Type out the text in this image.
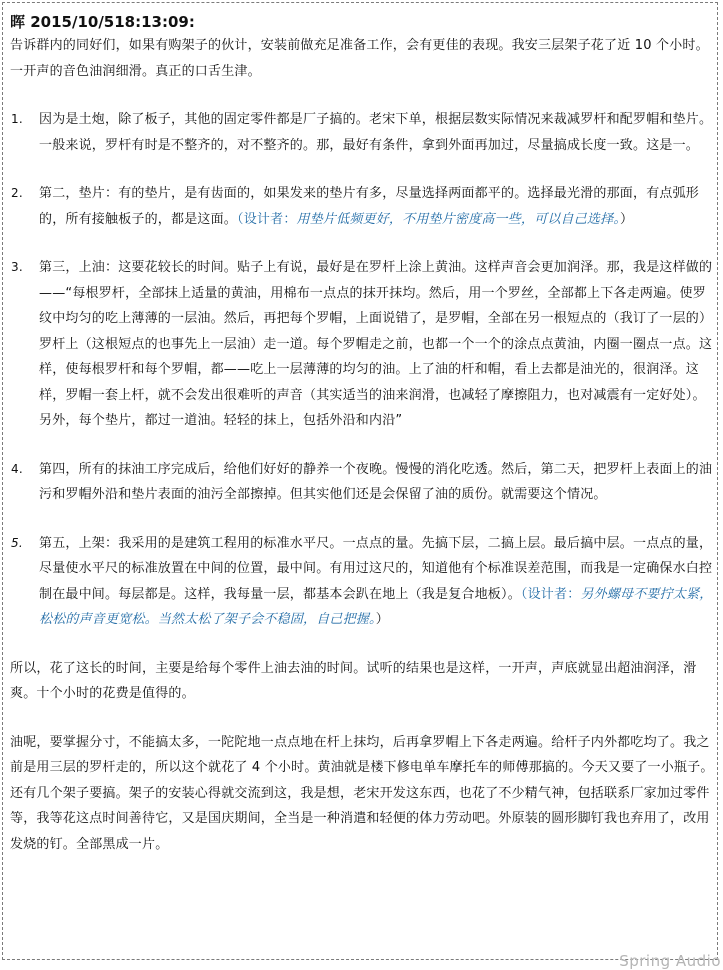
晖 2015/10/518:13:09:

告诉群内的同好们，如果有购架子的伙计，安装前做充足准备工作，会有更佳的表现。我安三层架子花了近 10 个小时。一开声的音色油润细滑。真正的口舌生津。

1. 因为是土炮，除了板子，其他的固定零件都是厂子搞的。老宋下单，根据层数实际情况来裁减罗杆和配罗帽和垫片。一般来说，罗杆有时是不整齐的，对不整齐的。那，最好有条件，拿到外面再加过，尽量搞成长度一致。这是一。
2. 第二，垫片：有的垫片，是有齿面的，如果发来的垫片有多，尽量选择两面都平的。选择最光滑的那面，有点弧形的，所有接触板子的，都是这面。（设计者：用垫片低频更好，不用垫片密度高一些，可以自己选择。）
3. 第三，上油：这要花较长的时间。贴子上有说，最好是在罗杆上涂上黄油。这样声音会更加润泽。那，我是这样做的——“每根罗杆，全部抹上适量的黄油，用棉布一点点的抹开抹均。然后，用一个罗丝，全部都上下各走两遍。使罗纹中均匀的吃上薄薄的一层油。然后，再把每个罗帽，上面说错了，是罗帽，全部在另一根短点的（我订了一层的）罗杆上（这根短点的也事先上一层油）走一道。每个罗帽走之前，也都一个一个的涂点点黄油，内圈一圈点一点。这样，使每根罗杆和每个罗帽，都——吃上一层薄薄的均匀的油。上了油的杆和帽，看上去都是油光的，很润泽。这样，罗帽一套上杆，就不会发出很难听的声音（其实适当的油来润滑，也减轻了摩擦阻力，也对减震有一定好处）。另外，每个垫片，都过一道油。轻轻的抹上，包括外沿和内沿”
4. 第四，所有的抹油工序完成后，给他们好好的静养一个夜晚。慢慢的消化吃透。然后，第二天，把罗杆上表面上的油污和罗帽外沿和垫片表面的油污全部擦掉。但其实他们还是会保留了油的质份。就需要这个情况。
5. 第五，上架：我采用的是建筑工程用的标准水平尺。一点点的量。先搞下层，二搞上层。最后搞中层。一点点的量，尽量使水平尺的标准放置在中间的位置，最中间。有用过这尺的，知道他有个标准误差范围，而我是一定确保水白控制在最中间。每层都是。这样，我每量一层，都基本会趴在地上（我是复合地板）。（设计者：另外螺母不要拧太紧，松松的声音更宽松。当然太松了架子会不稳固，自己把握。）

所以，花了这长的时间，主要是给每个零件上油去油的时间。试听的结果也是这样，一开声，声底就显出超油润泽，滑爽。十个小时的花费是值得的。

油呢，要掌握分寸，不能搞太多，一陀陀地一点点地在杆上抹均，后再拿罗帽上下各走两遍。给杆子内外都吃均了。我之前是用三层的罗杆走的，所以这个就花了 4 个小时。黄油就是楼下修电单车摩托车的师傅那搞的。今天又要了一小瓶子。还有几个架子要搞。架子的安装心得就交流到这，我是想，老宋开发这东西，也花了不少精气神，包括联系厂家加过零件等，我等花这点时间善待它，又是国庆期间，全当是一种消遣和轻便的体力劳动吧。外原装的圆形脚钉我也弃用了，改用发烧的钉。全部黑成一片。

Spring Audio
